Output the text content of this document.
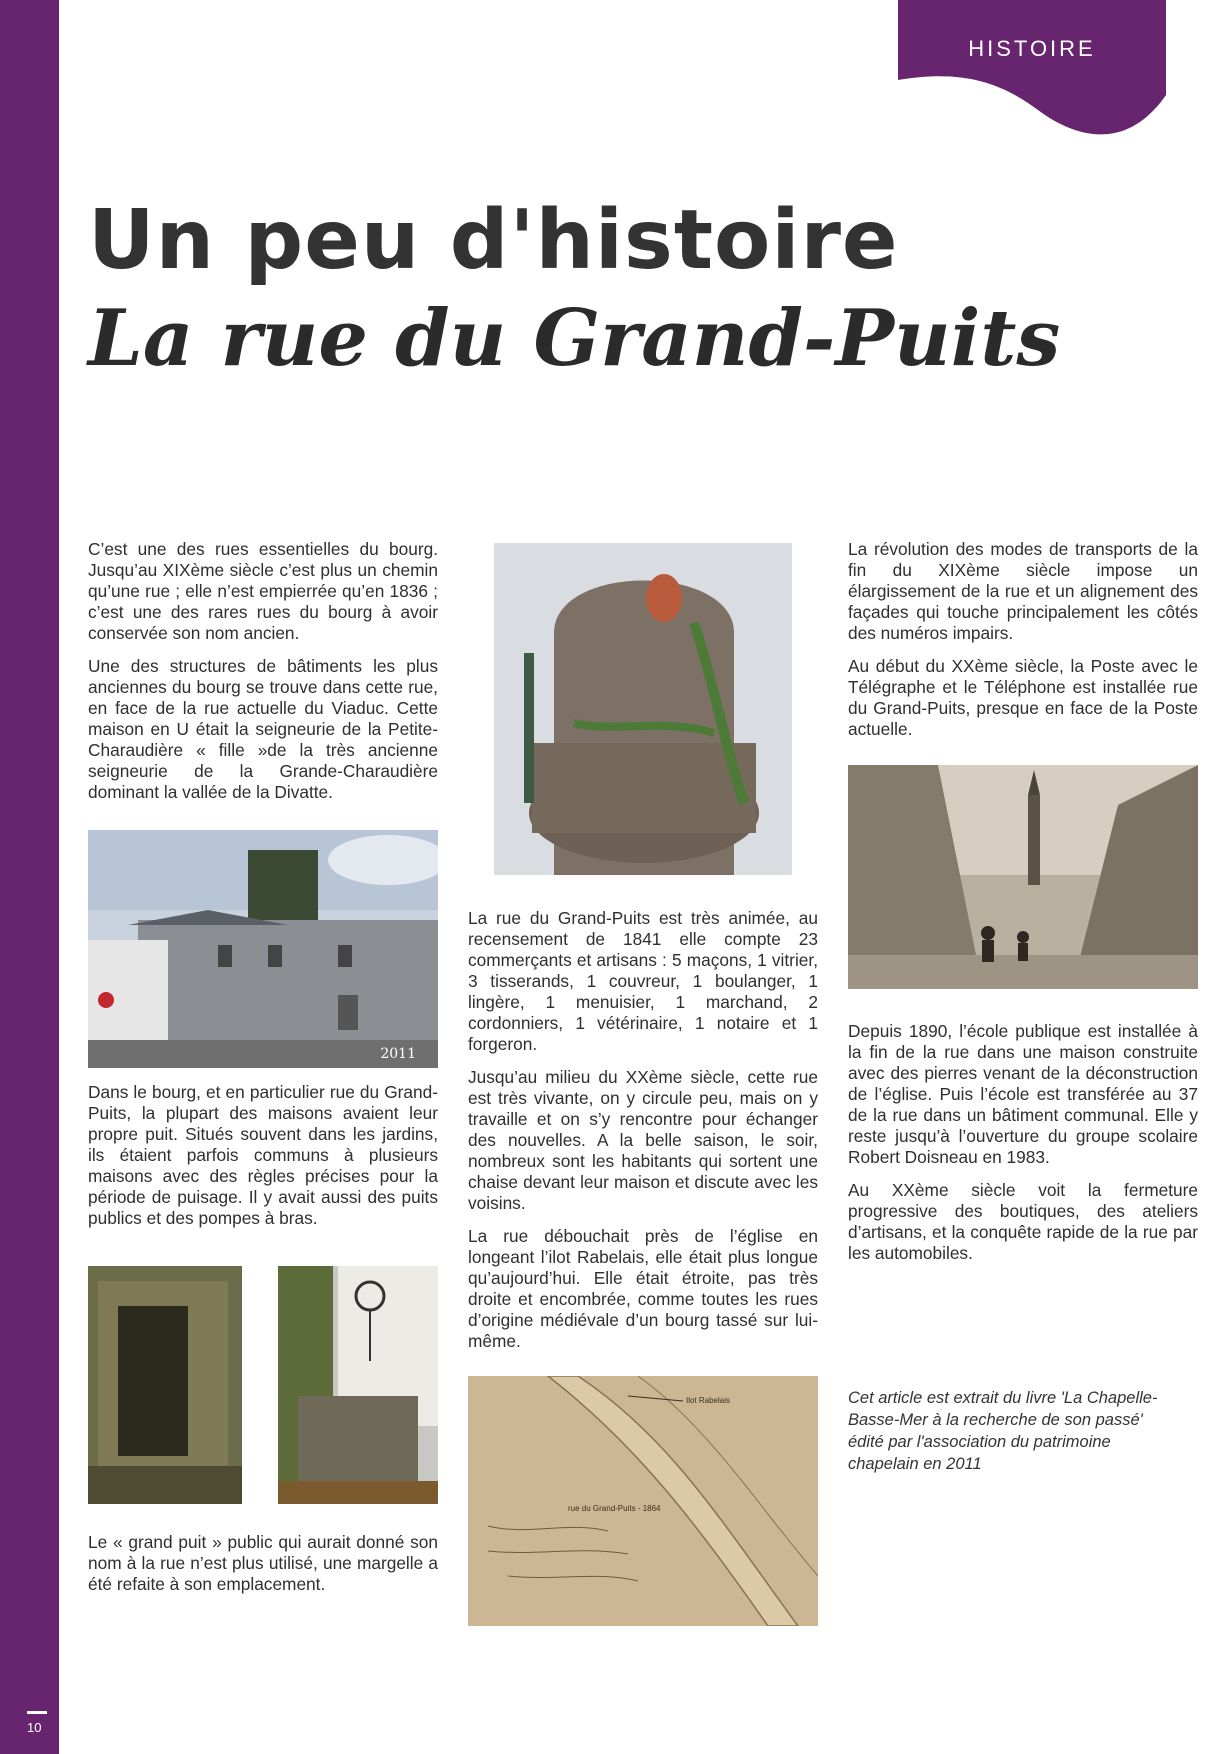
10
HISTOIRE
Un peu d'histoire
La rue du Grand-Puits

C’est une des rues essentielles du bourg. Jusqu’au XIXème siècle c’est plus un chemin qu’une rue ; elle n’est empierrée qu’en 1836 ; c’est une des rares rues du bourg à avoir conservée son nom ancien.

Une des structures de bâtiments les plus anciennes du bourg se trouve dans cette rue, en face de la rue actuelle du Viaduc. Cette maison en U était la seigneurie de la Petite-Charaudière « fille »de la très ancienne seigneurie de la Grande-Charaudière dominant la vallée de la Divatte.

2011

Dans le bourg, et en particulier rue du Grand-Puits, la plupart des maisons avaient leur propre puit. Situés souvent dans les jardins, ils étaient parfois communs à plusieurs maisons avec des règles précises pour la période de puisage. Il y avait aussi des puits publics et des pompes à bras.

Le « grand puit » public qui aurait donné son nom à la rue n’est plus utilisé, une margelle a été refaite à son emplacement.

La rue du Grand-Puits est très animée, au recensement de 1841 elle compte 23 commerçants et artisans : 5 maçons, 1 vitrier, 3 tisserands, 1 couvreur, 1 boulanger, 1 lingère, 1 menuisier, 1 marchand, 2 cordonniers, 1 vétérinaire, 1 notaire et 1 forgeron.

Jusqu’au milieu du XXème siècle, cette rue est très vivante, on y circule peu, mais on y travaille et on s’y rencontre pour échanger des nouvelles. A la belle saison, le soir, nombreux sont les habitants qui sortent une chaise devant leur maison et discute avec les voisins.

La rue débouchait près de l’église en longeant l’ilot Rabelais, elle était plus longue qu’aujourd’hui. Elle était étroite, pas très droite et encombrée, comme toutes les rues d’origine médiévale d’un bourg tassé sur lui-même.

Ilot Rabelais
rue du Grand-Puits - 1864

La révolution des modes de transports de la fin du XIXème siècle impose un élargissement de la rue et un alignement des façades qui touche principalement les côtés des numéros impairs.

Au début du XXème siècle, la Poste avec le Télégraphe et le Téléphone est installée rue du Grand-Puits, presque en face de la Poste actuelle.

Depuis 1890, l’école publique est installée à la fin de la rue dans une maison construite avec des pierres venant de la déconstruction de l’église. Puis l’école est transférée au 37 de la rue dans un bâtiment communal. Elle y reste jusqu’à l’ouverture du groupe scolaire Robert Doisneau en 1983.

Au XXème siècle voit la fermeture progressive des boutiques, des ateliers d’artisans, et la conquête rapide de la rue par les automobiles.

Cet article est extrait du livre 'La Chapelle-Basse-Mer à la recherche de son passé' édité par l'association du patrimoine chapelain en 2011
